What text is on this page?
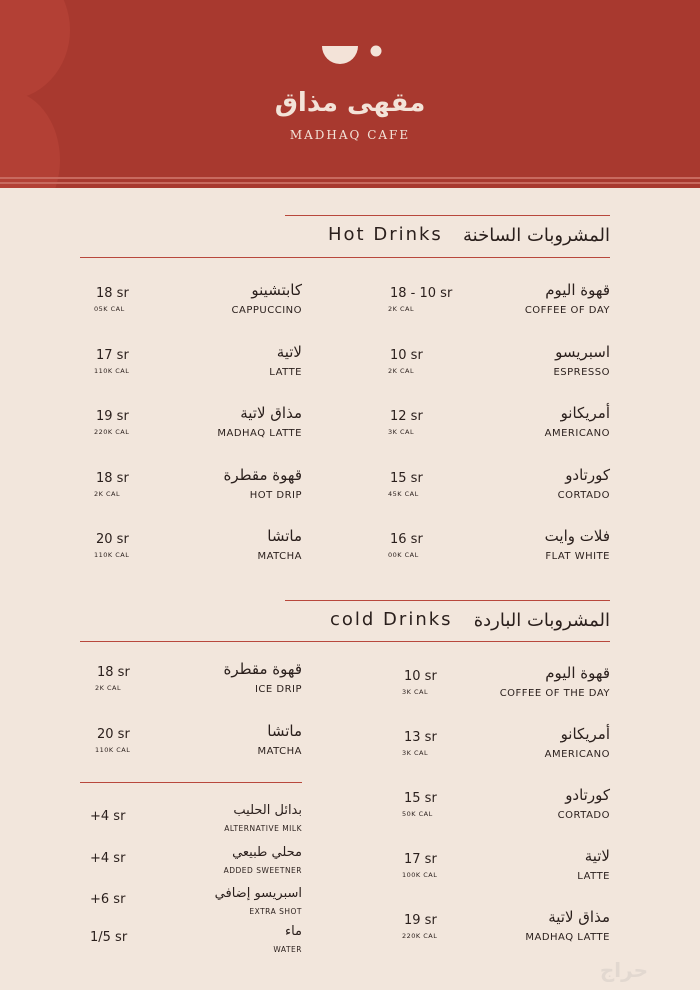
مقهى مذاق
MADHAQ CAFE
Hot Drinks	المشروبات الساخنة
قهوة اليوم
COFFEE OF DAY
18 - 10 sr
2K CAL
اسبريسو
ESPRESSO
10 sr
2K CAL
أمريكانو
AMERICANO
12 sr
3K CAL
كورتادو
CORTADO
15 sr
45K CAL
فلات وايت
FLAT WHITE
16 sr
00K CAL
كابتشينو
CAPPUCCINO
18 sr
05K CAL
لاتية
LATTE
17 sr
110K CAL
مذاق لاتية
MADHAQ LATTE
19 sr
220K CAL
قهوة مقطرة
HOT DRIP
18 sr
2K CAL
ماتشا
MATCHA
20 sr
110K CAL
cold Drinks	المشروبات الباردة
قهوة اليوم
COFFEE OF THE DAY
10 sr
3K CAL
أمريكانو
AMERICANO
13 sr
3K CAL
كورتادو
CORTADO
15 sr
50K CAL
لاتية
LATTE
17 sr
100K CAL
مذاق لاتية
MADHAQ LATTE
19 sr
220K CAL
قهوة مقطرة
ICE DRIP
18 sr
2K CAL
ماتشا
MATCHA
20 sr
110K CAL
بدائل الحليب
ALTERNATIVE MILK
+4 sr
محلي طبيعي
ADDED SWEETNER
+4 sr
اسبريسو إضافي
EXTRA SHOT
+6 sr
ماء
WATER
1/5 sr
حراج
